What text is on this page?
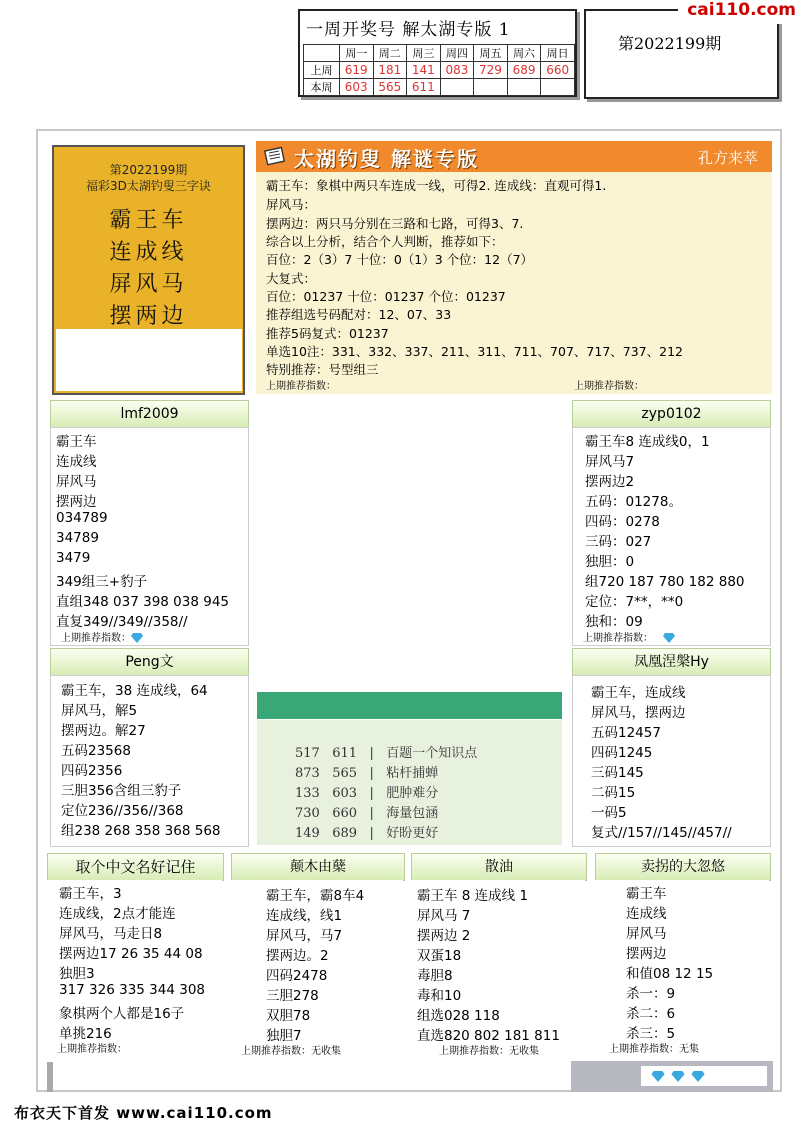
一周开奖号 解太湖专版 1
	周一	周二	周三	周四	周五	周六	周日
上周	619	181	141	083	729	689	660
本周	603	565	611				
第2022199期
cai110.com
第2022199期
福彩3D太湖钓叟三字诀
霸王车
连成线
屏风马
摆两边
太湖钓叟 解谜专版	孔方来萃
霸王车：象棋中两只车连成一线，可得2. 连成线：直观可得1.
屏风马：
摆两边：两只马分别在三路和七路，可得3、7.
综合以上分析，结合个人判断，推荐如下：
百位：2（3）7 十位：0（1）3 个位：12（7）
大复式：
百位：01237 十位：01237 个位：01237
推荐组选号码配对：12、07、33
推荐5码复式：01237
单选10注：331、332、337、211、311、711、707、717、737、212
特别推荐：号型组三
上期推荐指数：	上期推荐指数：
lmf2009
霸王车
连成线
屏风马
摆两边
034789
34789
3479
349组三+豹子
直组348 037 398 038 945
直复349//349//358//
上期推荐指数：
zyp0102
霸王车8 连成线0，1
屏风马7
摆两边2
五码：01278。
四码：0278
三码：027
独胆：0
组720 187 780 182 880
定位：7**，**0
独和：09
上期推荐指数：
Peng文
霸王车，38 连成线，64
屏风马，解5
摆两边。解27
五码23568
四码2356
三胆356含组三豹子
定位236//356//368
组238 268 358 368 568
凤凰涅槃Hy
霸王车，连成线
屏风马，摆两边
五码12457
四码1245
三码145
二码15
一码5
复式//157//145//457//
517 611   |   百题一个知识点
873 565   |   粘杆捕蝉
133 603   |   肥肿难分
730 660   |   海量包涵
149 689   |   好盼更好
取个中文名好记住
霸王车，3
连成线，2点才能连
屏风马，马走日8
摆两边17 26 35 44 08
独胆3
317 326 335 344 308
象棋两个人都是16子
单挑216
上期推荐指数：
颠木由蘖
霸王车，霸8车4
连成线，线1
屏风马，马7
摆两边。2
四码2478
三胆278
双胆78
独胆7
上期推荐指数：无收集
散油
霸王车 8 连成线 1
屏风马 7
摆两边 2
双蛋18
毒胆8
毒和10
组选028 118
直选820 802 181 811
上期推荐指数：无收集
卖拐的大忽悠
霸王车
连成线
屏风马
摆两边
和值08 12 15
杀一：9
杀二：6
杀三：5
上期推荐指数：无集
布衣天下首发 www.cai110.com
